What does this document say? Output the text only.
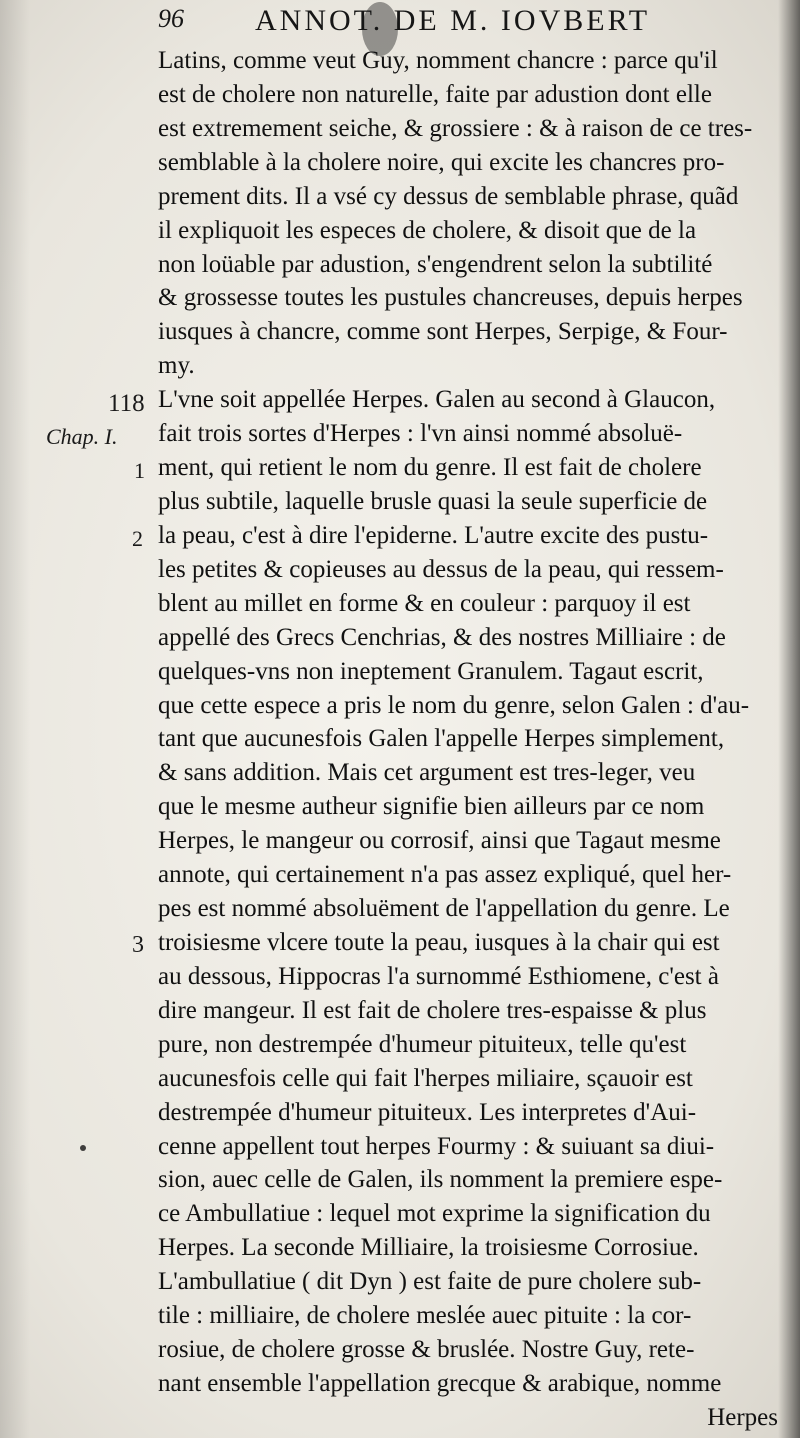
96 ANNOT. DE M. IOVBERT
118
Chap. I.
1
2
3
Latins, comme veut Guy, nomment chancre : parce qu'il
est de cholere non naturelle, faite par adustion dont elle
est extremement seiche, & grossiere : & à raison de ce tres-
semblable à la cholere noire, qui excite les chancres pro-
prement dits. Il a vsé cy dessus de semblable phrase, quãd
il expliquoit les especes de cholere, & disoit que de la
non loüable par adustion, s'engendrent selon la subtilité
& grossesse toutes les pustules chancreuses, depuis herpes
iusques à chancre, comme sont Herpes, Serpige, & Four-
my.
L'vne soit appellée Herpes. Galen au second à Glaucon,
fait trois sortes d'Herpes : l'vn ainsi nommé absoluë-
ment, qui retient le nom du genre. Il est fait de cholere
plus subtile, laquelle brusle quasi la seule superficie de
la peau, c'est à dire l'epiderne. L'autre excite des pustu-
les petites & copieuses au dessus de la peau, qui ressem-
blent au millet en forme & en couleur : parquoy il est
appellé des Grecs Cenchrias, & des nostres Milliaire : de
quelques-vns non ineptement Granulem. Tagaut escrit,
que cette espece a pris le nom du genre, selon Galen : d'au-
tant que aucunesfois Galen l'appelle Herpes simplement,
& sans addition. Mais cet argument est tres-leger, veu
que le mesme autheur signifie bien ailleurs par ce nom
Herpes, le mangeur ou corrosif, ainsi que Tagaut mesme
annote, qui certainement n'a pas assez expliqué, quel her-
pes est nommé absoluëment de l'appellation du genre. Le
troisiesme vlcere toute la peau, iusques à la chair qui est
au dessous, Hippocras l'a surnommé Esthiomene, c'est à
dire mangeur. Il est fait de cholere tres-espaisse & plus
pure, non destrempée d'humeur pituiteux, telle qu'est
aucunesfois celle qui fait l'herpes miliaire, sçauoir est
destrempée d'humeur pituiteux. Les interpretes d'Aui-
cenne appellent tout herpes Fourmy : & suiuant sa diui-
sion, auec celle de Galen, ils nomment la premiere espe-
ce Ambullatiue : lequel mot exprime la signification du
Herpes. La seconde Milliaire, la troisiesme Corrosiue.
L'ambullatiue ( dit Dyn ) est faite de pure cholere sub-
tile : milliaire, de cholere meslée auec pituite : la cor-
rosiue, de cholere grosse & bruslée. Nostre Guy, rete-
nant ensemble l'appellation grecque & arabique, nomme
Herpes
